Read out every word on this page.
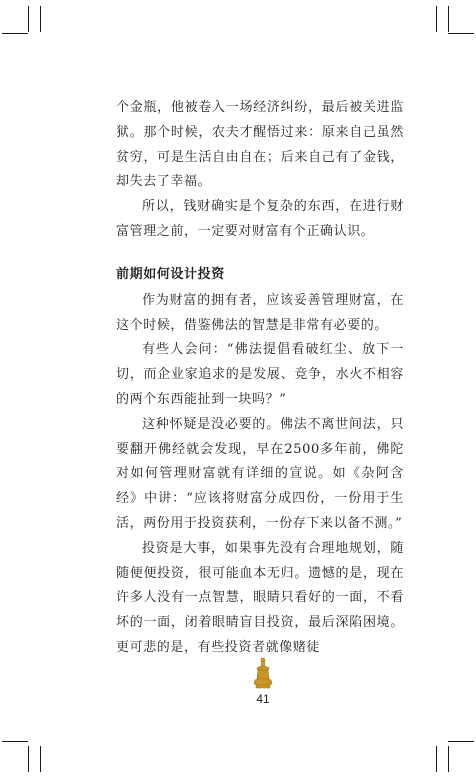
个金瓶，他被卷入一场经济纠纷，最后被关进监狱。那个时候，农夫才醒悟过来：原来自己虽然贫穷，可是生活自由自在；后来自己有了金钱，却失去了幸福。

所以，钱财确实是个复杂的东西，在进行财富管理之前，一定要对财富有个正确认识。

前期如何设计投资

作为财富的拥有者，应该妥善管理财富，在这个时候，借鉴佛法的智慧是非常有必要的。

有些人会问：“佛法提倡看破红尘、放下一切，而企业家追求的是发展、竞争，水火不相容的两个东西能扯到一块吗？”

这种怀疑是没必要的。佛法不离世间法，只要翻开佛经就会发现，早在2500多年前，佛陀对如何管理财富就有详细的宣说。如《杂阿含经》中讲：“应该将财富分成四份，一份用于生活，两份用于投资获利，一份存下来以备不测。”

投资是大事，如果事先没有合理地规划，随随便便投资，很可能血本无归。遗憾的是，现在许多人没有一点智慧，眼睛只看好的一面，不看坏的一面，闭着眼睛盲目投资，最后深陷困境。更可悲的是，有些投资者就像赌徒

41
